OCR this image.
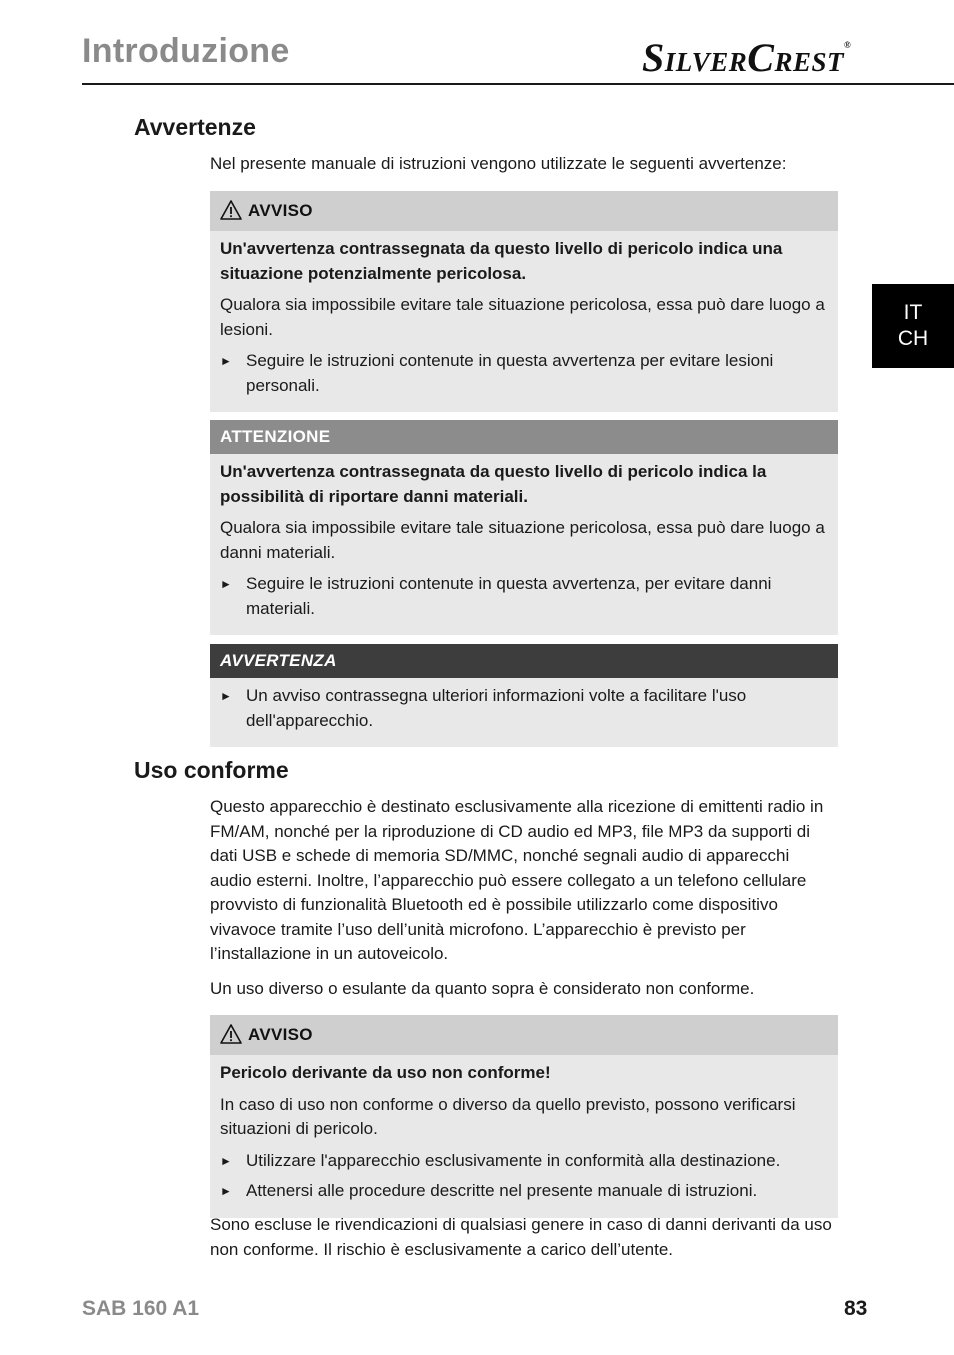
Introduzione	SILVERCREST®
IT
CH
Avvertenze

Nel presente manuale di istruzioni vengono utilizzate le seguenti avvertenze:

AVVISO

Un'avvertenza contrassegnata da questo livello di pericolo indica una situazione potenzialmente pericolosa.

Qualora sia impossibile evitare tale situazione pericolosa, essa può dare luogo a lesioni.

► Seguire le istruzioni contenute in questa avvertenza per evitare lesioni personali.
ATTENZIONE

Un'avvertenza contrassegnata da questo livello di pericolo indica la possibilità di riportare danni materiali.

Qualora sia impossibile evitare tale situazione pericolosa, essa può dare luogo a danni materiali.

► Seguire le istruzioni contenute in questa avvertenza, per evitare danni materiali.
AVVERTENZA
► Un avviso contrassegna ulteriori informazioni volte a facilitare l'uso dell'apparecchio.
Uso conforme

Questo apparecchio è destinato esclusivamente alla ricezione di emittenti radio in FM/AM, nonché per la riproduzione di CD audio ed MP3, file MP3 da supporti di dati USB e schede di memoria SD/MMC, nonché segnali audio di apparecchi audio esterni. Inoltre, l’apparecchio può essere collegato a un telefono cellulare provvisto di funzionalità Bluetooth ed è possibile utilizzarlo come dispositivo vivavoce tramite l’uso dell’unità microfono. L’apparecchio è previsto per l’installazione in un autoveicolo.

Un uso diverso o esulante da quanto sopra è considerato non conforme.

AVVISO

Pericolo derivante da uso non conforme!

In caso di uso non conforme o diverso da quello previsto, possono verificarsi situazioni di pericolo.

► Utilizzare l'apparecchio esclusivamente in conformità alla destinazione.
► Attenersi alle procedure descritte nel presente manuale di istruzioni.

Sono escluse le rivendicazioni di qualsiasi genere in caso di danni derivanti da uso non conforme. Il rischio è esclusivamente a carico dell’utente.

SAB 160 A1	83
